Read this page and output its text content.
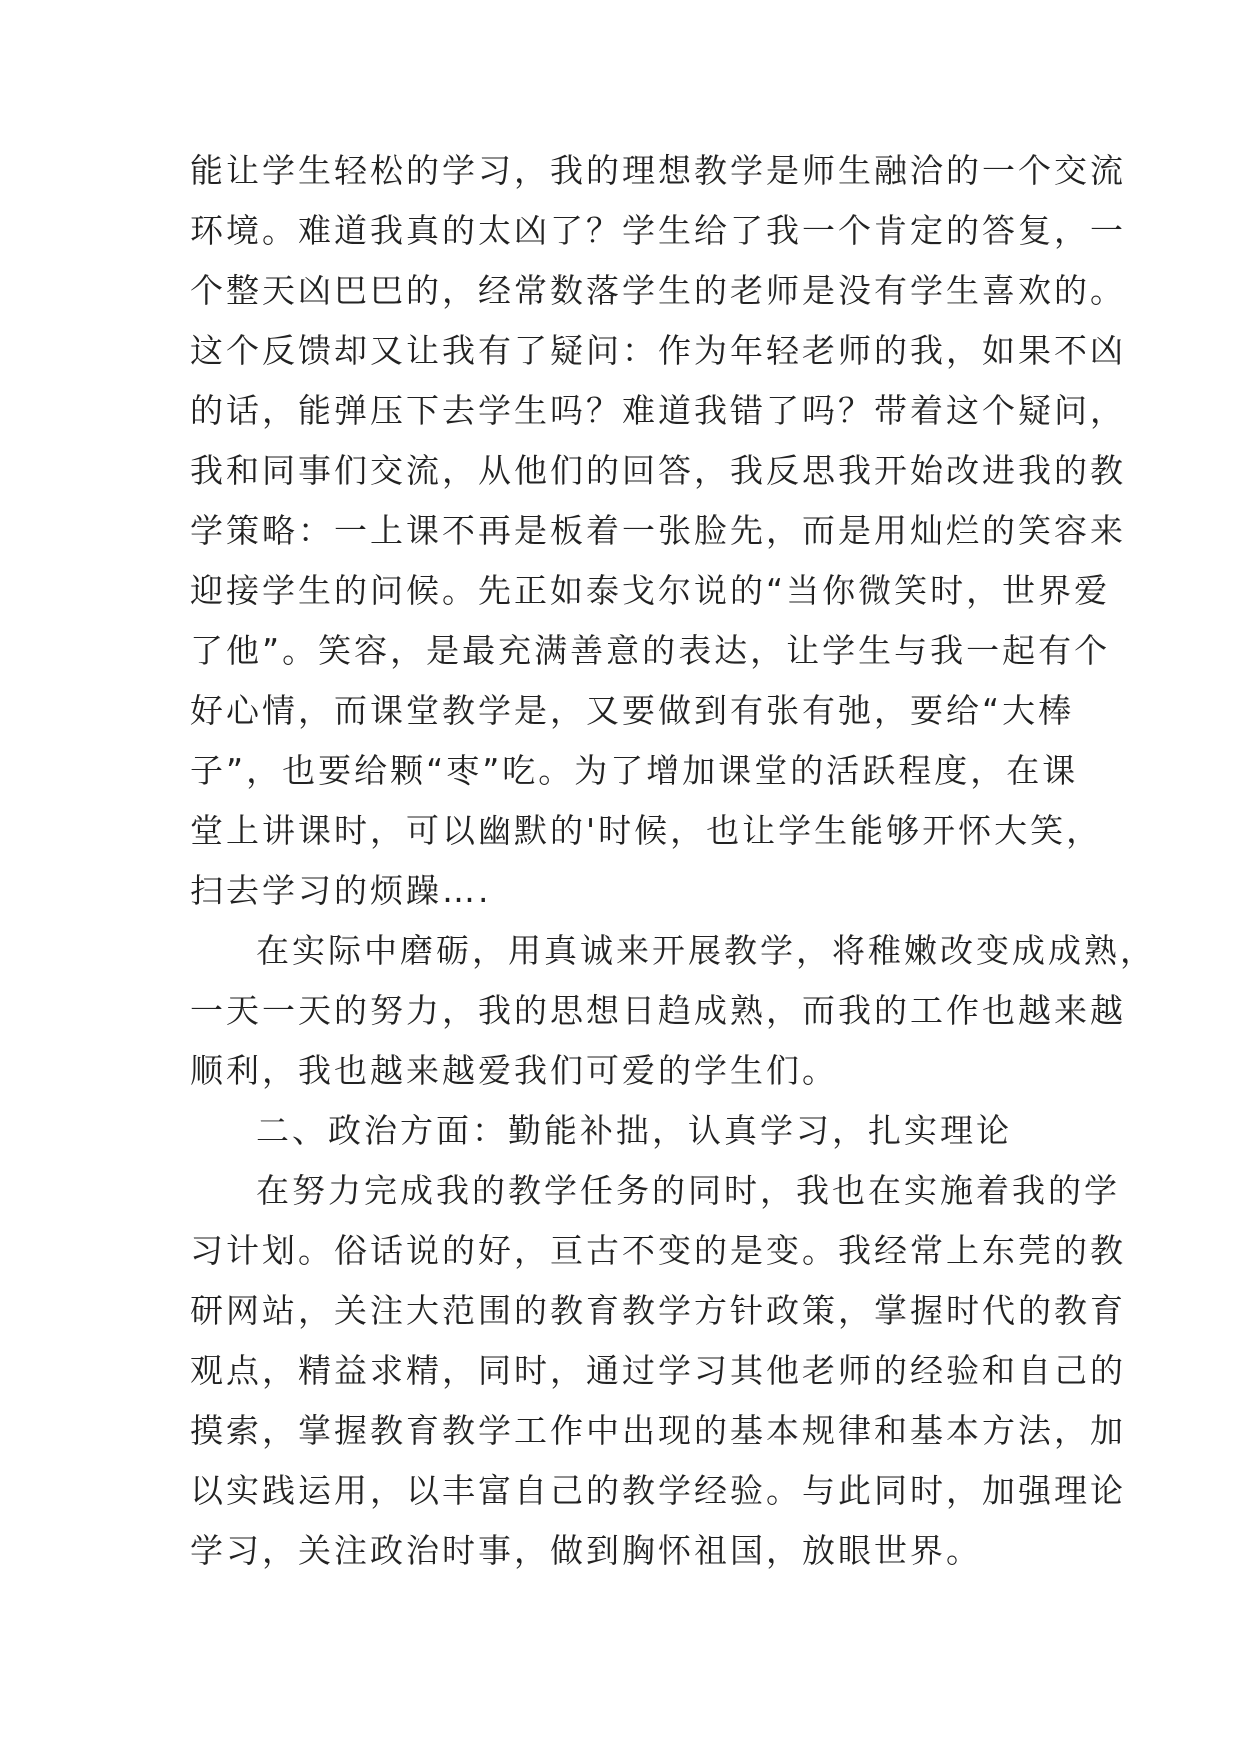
能让学生轻松的学习，我的理想教学是师生融洽的一个交流
环境。难道我真的太凶了？学生给了我一个肯定的答复，一
个整天凶巴巴的，经常数落学生的老师是没有学生喜欢的。
这个反馈却又让我有了疑问：作为年轻老师的我，如果不凶
的话，能弹压下去学生吗？难道我错了吗？带着这个疑问，
我和同事们交流，从他们的回答，我反思我开始改进我的教
学策略：一上课不再是板着一张脸先，而是用灿烂的笑容来
迎接学生的问候。先正如泰戈尔说的“当你微笑时，世界爱
了他”。笑容，是最充满善意的表达，让学生与我一起有个
好心情，而课堂教学是，又要做到有张有弛，要给“大棒
子”，也要给颗“枣”吃。为了增加课堂的活跃程度，在课
堂上讲课时，可以幽默的'时候，也让学生能够开怀大笑，
扫去学习的烦躁….
在实际中磨砺，用真诚来开展教学，将稚嫩改变成成熟，
一天一天的努力，我的思想日趋成熟，而我的工作也越来越
顺利，我也越来越爱我们可爱的学生们。
二、政治方面：勤能补拙，认真学习，扎实理论
在努力完成我的教学任务的同时，我也在实施着我的学
习计划。俗话说的好，亘古不变的是变。我经常上东莞的教
研网站，关注大范围的教育教学方针政策，掌握时代的教育
观点，精益求精，同时，通过学习其他老师的经验和自己的
摸索，掌握教育教学工作中出现的基本规律和基本方法，加
以实践运用，以丰富自己的教学经验。与此同时，加强理论
学习，关注政治时事，做到胸怀祖国，放眼世界。
